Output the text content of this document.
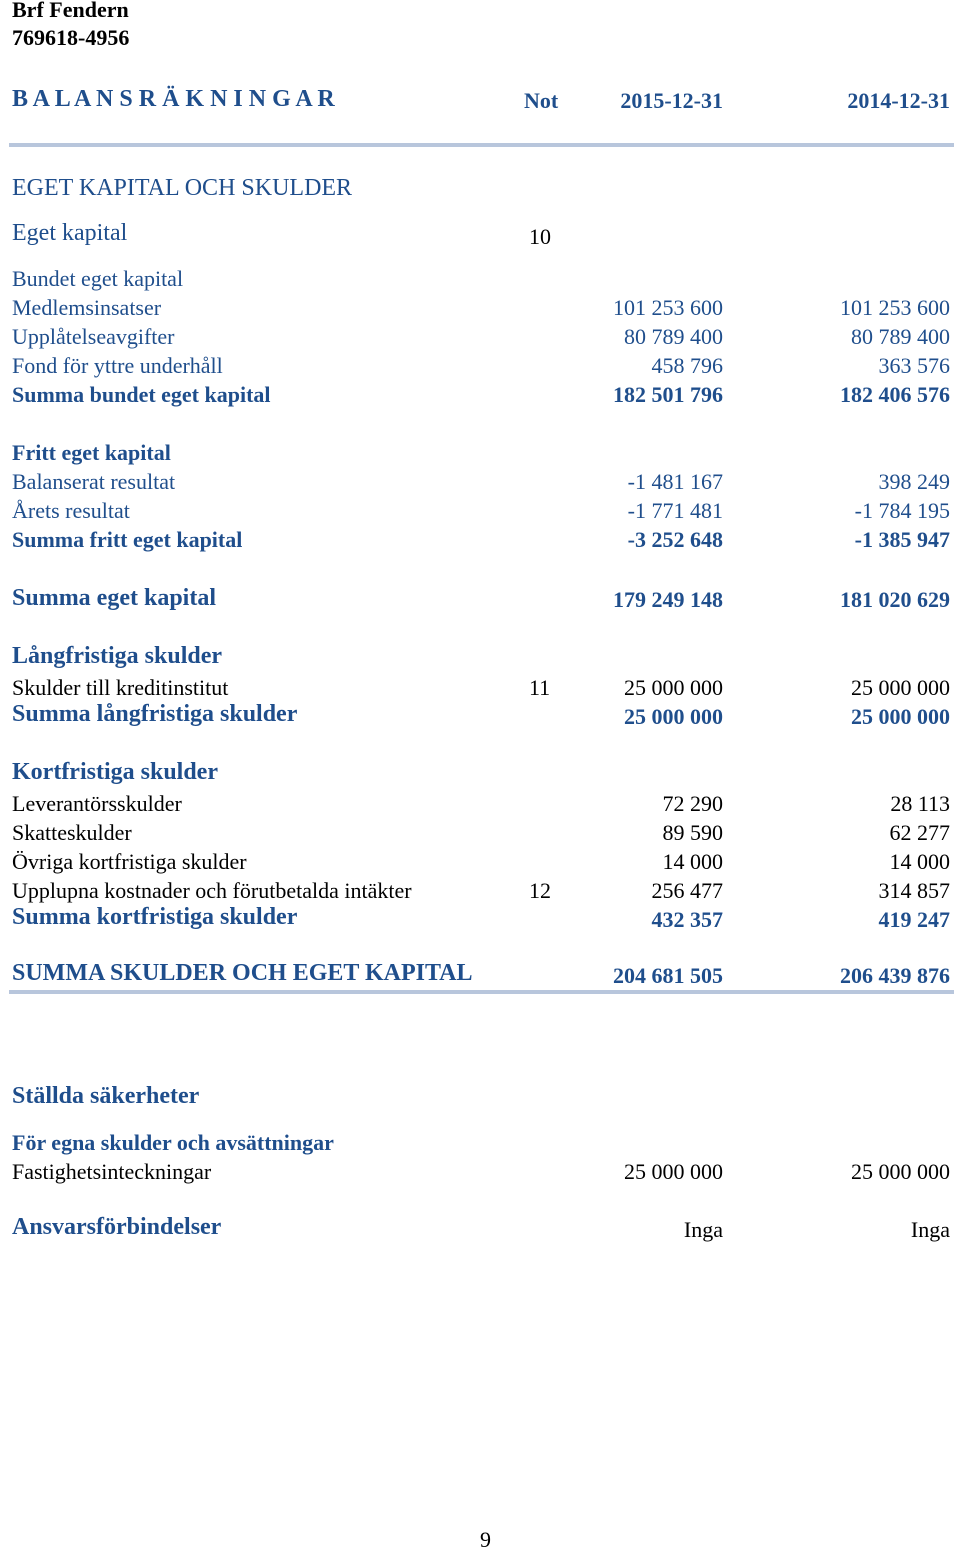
Brf Fendern
769618-4956
B A L A N S R Ä K N I N G A R	Not	2015-12-31	2014-12-31
EGET KAPITAL OCH SKULDER
Eget kapital	10
Bundet eget kapital
Medlemsinsatser	101 253 600	101 253 600
Upplåtelseavgifter	80 789 400	80 789 400
Fond för yttre underhåll	458 796	363 576
Summa bundet eget kapital	182 501 796	182 406 576
Fritt eget kapital
Balanserat resultat	-1 481 167	398 249
Årets resultat	-1 771 481	-1 784 195
Summa fritt eget kapital	-3 252 648	-1 385 947
Summa eget kapital	179 249 148	181 020 629
Långfristiga skulder
Skulder till kreditinstitut	11	25 000 000	25 000 000
Summa långfristiga skulder	25 000 000	25 000 000
Kortfristiga skulder
Leverantörsskulder	72 290	28 113
Skatteskulder	89 590	62 277
Övriga kortfristiga skulder	14 000	14 000
Upplupna kostnader och förutbetalda intäkter	12	256 477	314 857
Summa kortfristiga skulder	432 357	419 247
SUMMA SKULDER OCH EGET KAPITAL	204 681 505	206 439 876
Ställda säkerheter
För egna skulder och avsättningar
Fastighetsinteckningar	25 000 000	25 000 000
Ansvarsförbindelser	Inga	Inga
9
